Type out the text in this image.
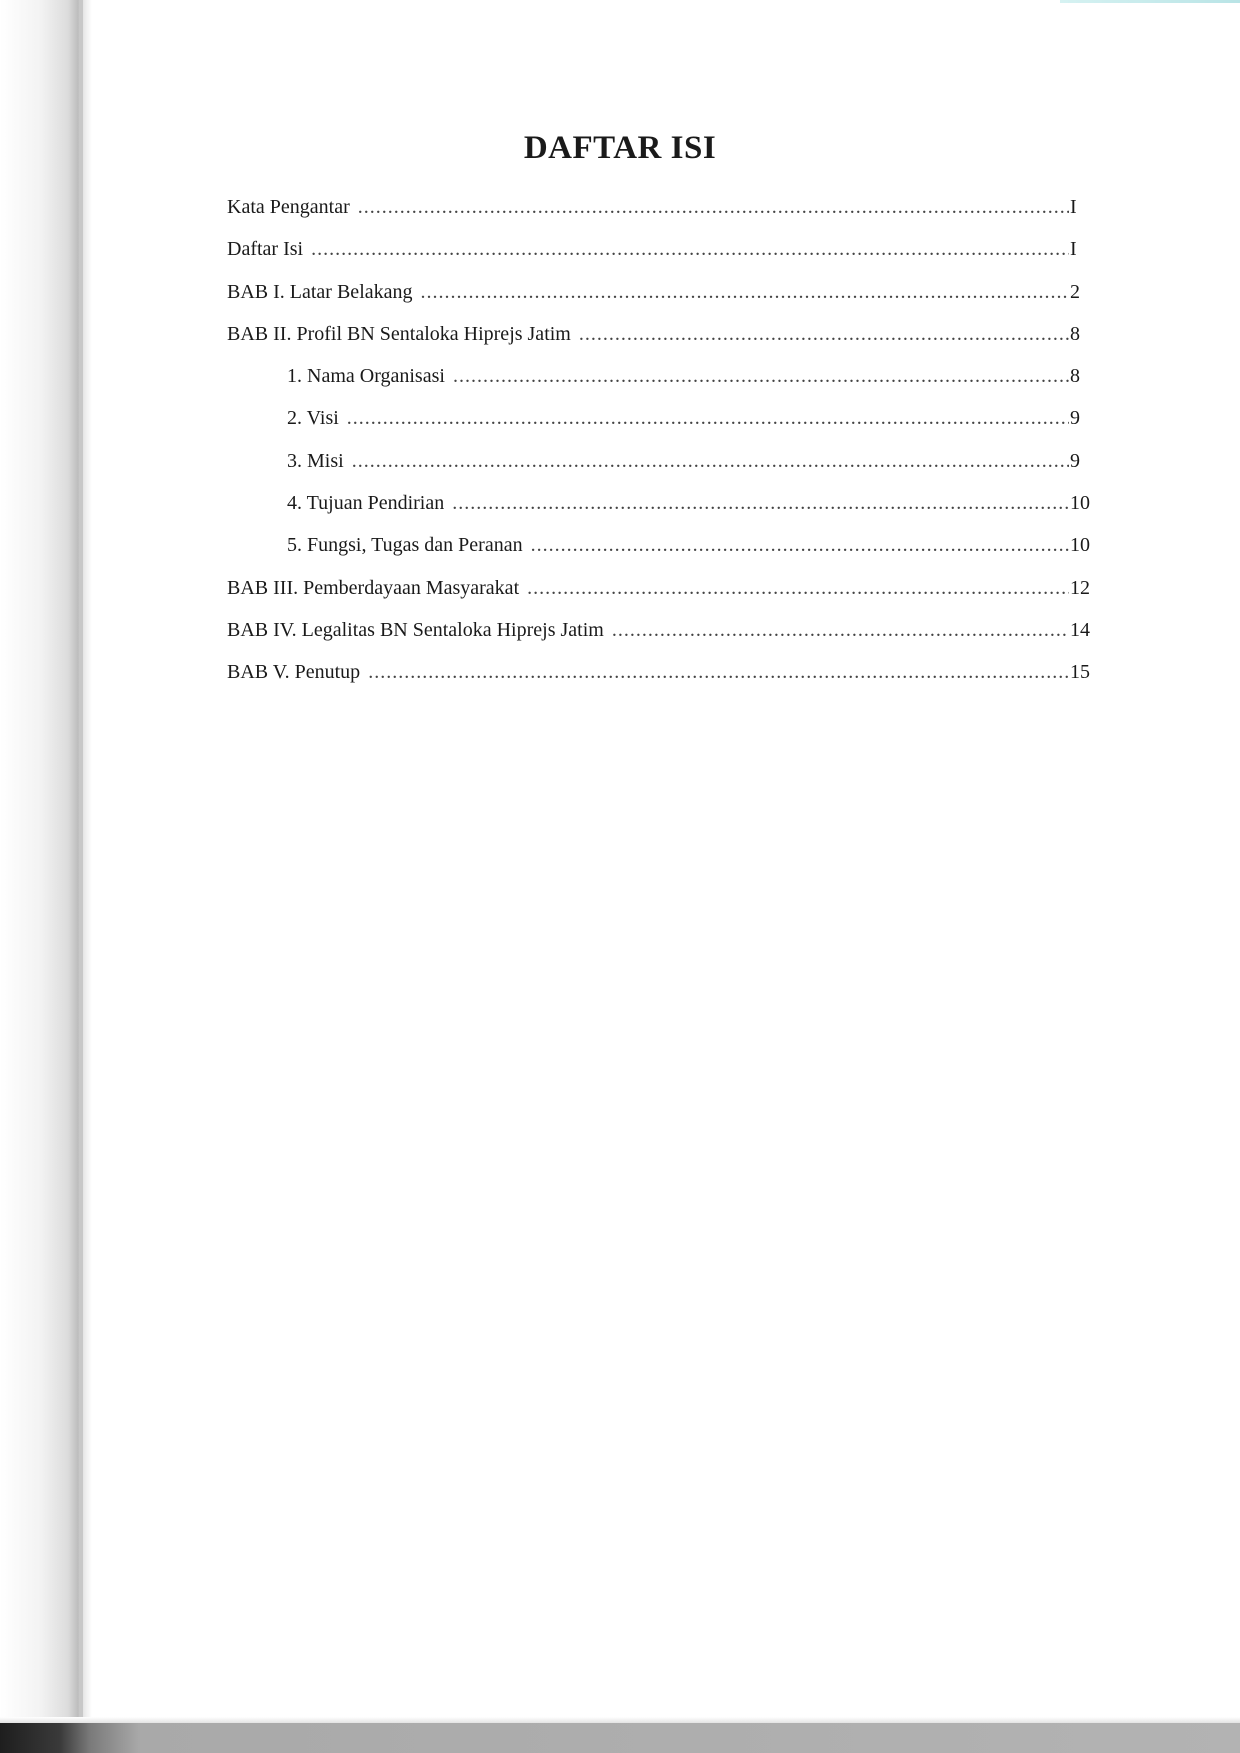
DAFTAR ISI
Kata Pengantar .....	I
Daftar Isi .....	I
BAB I. Latar Belakang .....	2
BAB II. Profil BN Sentaloka Hiprejs Jatim .....	8
1. Nama Organisasi .....	8
2. Visi .....	9
3. Misi .....	9
4. Tujuan Pendirian .....	10
5. Fungsi, Tugas dan Peranan .....	10
BAB III. Pemberdayaan Masyarakat .....	12
BAB IV. Legalitas BN Sentaloka Hiprejs Jatim .....	14
BAB V. Penutup .....	15
